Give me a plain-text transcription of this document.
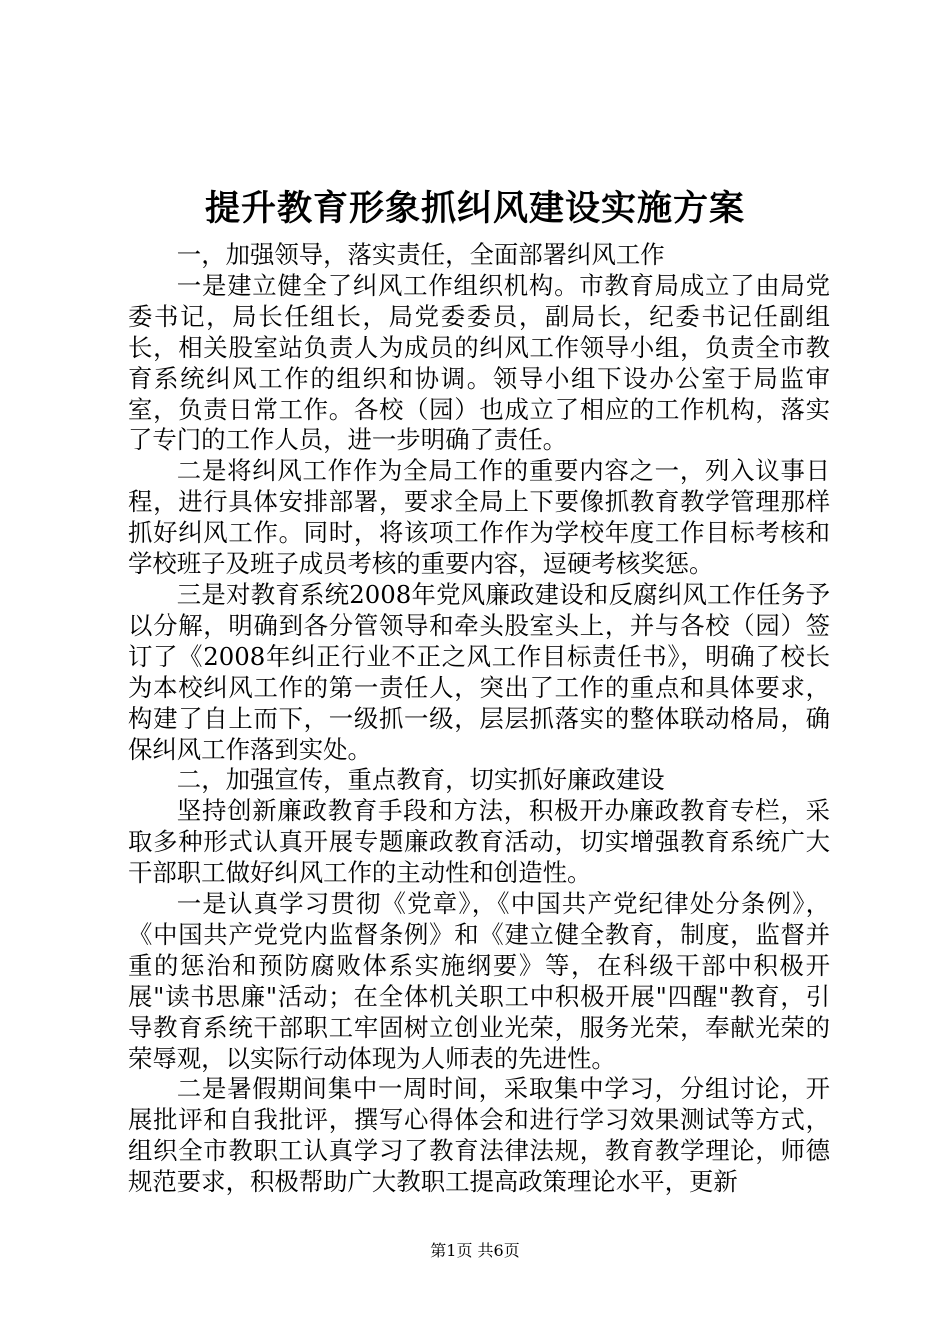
提升教育形象抓纠风建设实施方案

一，加强领导，落实责任，全面部署纠风工作

一是建立健全了纠风工作组织机构。市教育局成立了由局党委书记，局长任组长，局党委委员，副局长，纪委书记任副组长，相关股室站负责人为成员的纠风工作领导小组，负责全市教育系统纠风工作的组织和协调。领导小组下设办公室于局监审室，负责日常工作。各校（园）也成立了相应的工作机构，落实了专门的工作人员，进一步明确了责任。

二是将纠风工作作为全局工作的重要内容之一，列入议事日程，进行具体安排部署，要求全局上下要像抓教育教学管理那样抓好纠风工作。同时，将该项工作作为学校年度工作目标考核和学校班子及班子成员考核的重要内容，逗硬考核奖惩。

三是对教育系统2008年党风廉政建设和反腐纠风工作任务予以分解，明确到各分管领导和牵头股室头上，并与各校（园）签订了《2008年纠正行业不正之风工作目标责任书》，明确了校长为本校纠风工作的第一责任人，突出了工作的重点和具体要求，构建了自上而下，一级抓一级，层层抓落实的整体联动格局，确保纠风工作落到实处。

二，加强宣传，重点教育，切实抓好廉政建设

坚持创新廉政教育手段和方法，积极开办廉政教育专栏，采取多种形式认真开展专题廉政教育活动，切实增强教育系统广大干部职工做好纠风工作的主动性和创造性。

一是认真学习贯彻《党章》，《中国共产党纪律处分条例》，《中国共产党党内监督条例》和《建立健全教育，制度，监督并重的惩治和预防腐败体系实施纲要》等，在科级干部中积极开展"读书思廉"活动；在全体机关职工中积极开展"四醒"教育，引导教育系统干部职工牢固树立创业光荣，服务光荣，奉献光荣的荣辱观，以实际行动体现为人师表的先进性。

二是暑假期间集中一周时间，采取集中学习，分组讨论，开展批评和自我批评，撰写心得体会和进行学习效果测试等方式，组织全市教职工认真学习了教育法律法规，教育教学理论，师德规范要求，积极帮助广大教职工提高政策理论水平，更新

第1页 共6页
